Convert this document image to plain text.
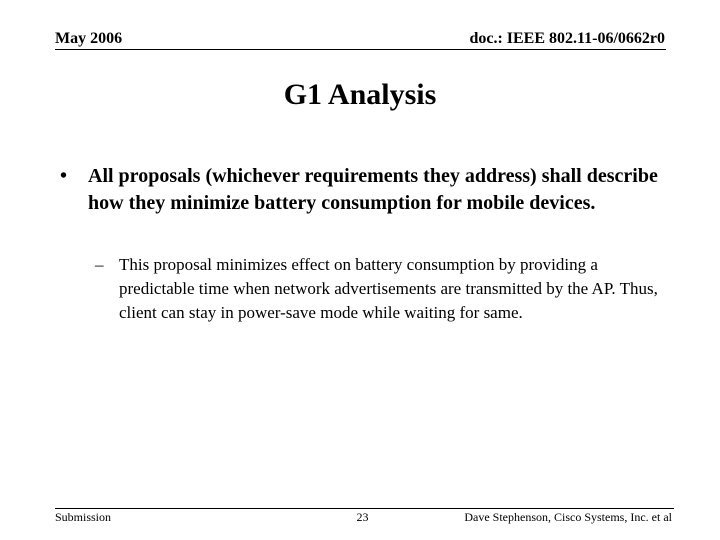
May 2006	doc.: IEEE 802.11-06/0662r0
G1 Analysis
• All proposals (whichever requirements they address) shall describe how they minimize battery consumption for mobile devices.
– This proposal minimizes effect on battery consumption by providing a predictable time when network advertisements are transmitted by the AP. Thus, client can stay in power-save mode while waiting for same.
Submission	23	Dave Stephenson, Cisco Systems, Inc. et al
